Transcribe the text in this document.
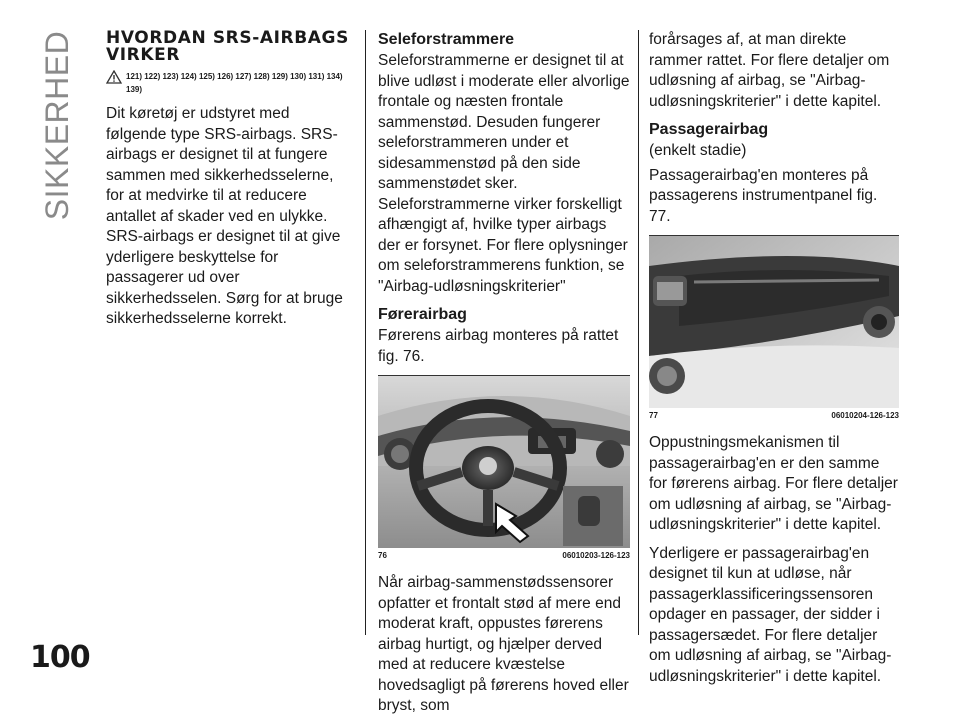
SIKKERHED
100
HVORDAN SRS-AIRBAGS VIRKER
121) 122) 123) 124) 125) 126) 127) 128) 129) 130) 131) 134) 139)

Dit køretøj er udstyret med følgende type SRS-airbags. SRS-airbags er designet til at fungere sammen med sikkerhedsselerne, for at medvirke til at reducere antallet af skader ved en ulykke. SRS-airbags er designet til at give yderligere beskyttelse for passagerer ud over sikkerhedsselen. Sørg for at bruge sikkerhedsselerne korrekt.

Seleforstrammere

Seleforstrammerne er designet til at blive udløst i moderate eller alvorlige frontale og næsten frontale sammenstød. Desuden fungerer seleforstrammeren under et sidesammenstød på den side sammenstødet sker. Seleforstrammerne virker forskelligt afhængigt af, hvilke typer airbags der er forsynet. For flere oplysninger om seleforstrammerens funktion, se "Airbag-udløsningskriterier"

Førerairbag

Førerens airbag monteres på rattet fig. 76.

76	06010203-126-123

Når airbag-sammenstødssensorer opfatter et frontalt stød af mere end moderat kraft, oppustes førerens airbag hurtigt, og hjælper derved med at reducere kvæstelse hovedsagligt på førerens hoved eller bryst, som

forårsages af, at man direkte rammer rattet. For flere detaljer om udløsning af airbag, se "Airbag-udløsningskriterier" i dette kapitel.

Passagerairbag

(enkelt stadie)

Passagerairbag'en monteres på passagerens instrumentpanel fig. 77.

77	06010204-126-123

Oppustningsmekanismen til passagerairbag'en er den samme for førerens airbag. For flere detaljer om udløsning af airbag, se "Airbag-udløsningskriterier" i dette kapitel.

Yderligere er passagerairbag'en designet til kun at udløse, når passagerklassificeringssensoren opdager en passager, der sidder i passagersædet. For flere detaljer om udløsning af airbag, se "Airbag-udløsningskriterier" i dette kapitel.
